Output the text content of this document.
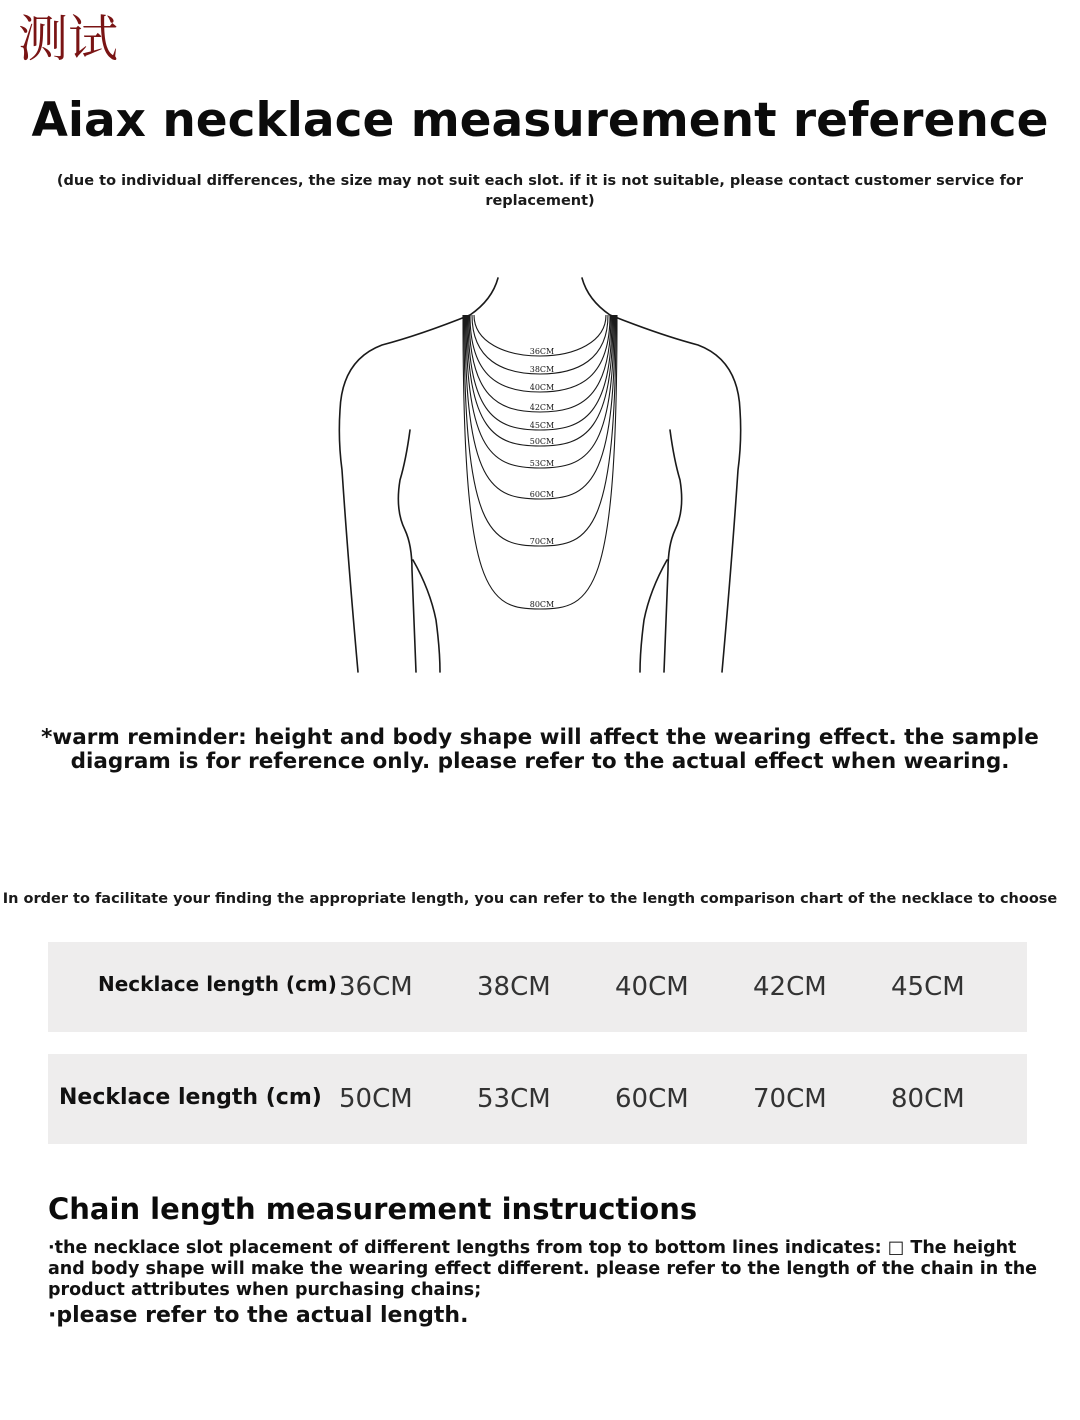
测试
Aiax necklace measurement reference
(due to individual differences, the size may not suit each slot. if it is not suitable, please contact customer service for replacement)
36CM
38CM
40CM
42CM
45CM
50CM
53CM
60CM
70CM
80CM
*warm reminder: height and body shape will affect the wearing effect. the sample diagram is for reference only. please refer to the actual effect when wearing.
In order to facilitate your finding the appropriate length, you can refer to the length comparison chart of the necklace to choose
Necklace length (cm) 36CM 38CM 40CM 42CM 45CM
Necklace length (cm) 50CM 53CM 60CM 70CM 80CM
Chain length measurement instructions
·the necklace slot placement of different lengths from top to bottom lines indicates: □ The height and body shape will make the wearing effect different. please refer to the length of the chain in the product attributes when purchasing chains;
·please refer to the actual length.
